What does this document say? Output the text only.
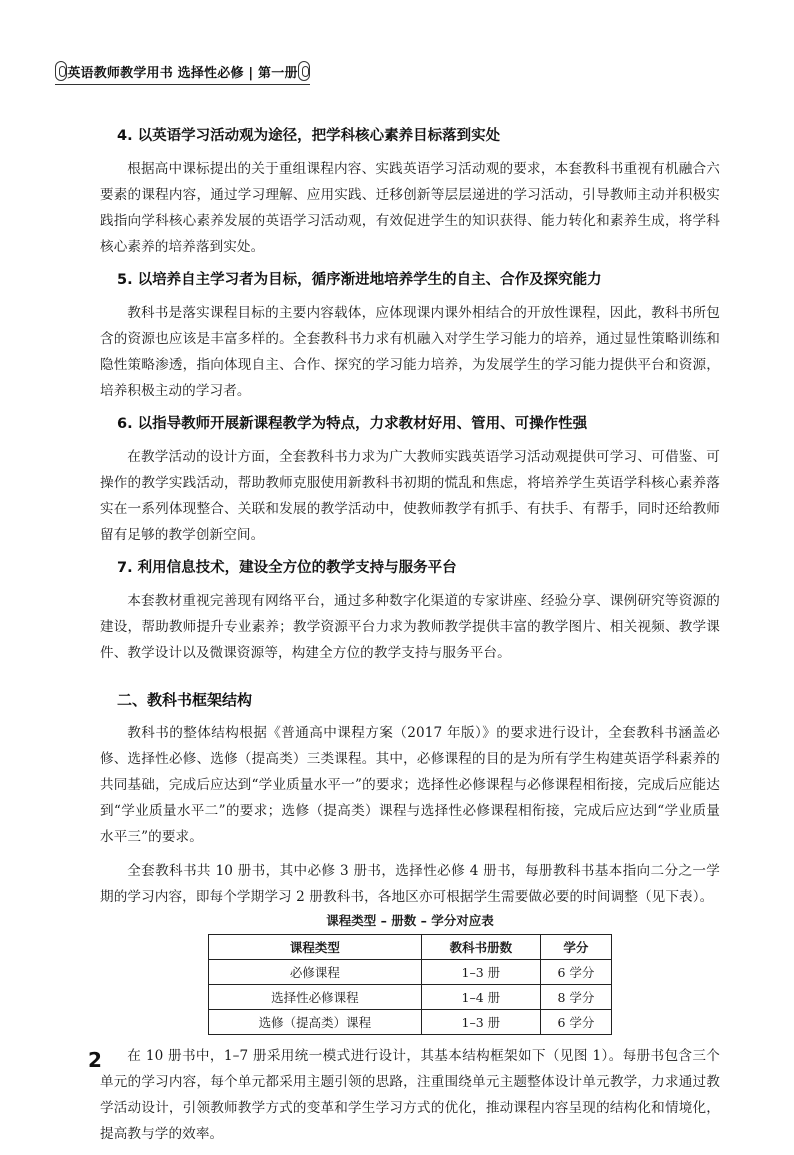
英语教师教学用书 选择性必修 | 第一册
4. 以英语学习活动观为途径，把学科核心素养目标落到实处

根据高中课标提出的关于重组课程内容、实践英语学习活动观的要求，本套教科书重视有机融合六要素的课程内容，通过学习理解、应用实践、迁移创新等层层递进的学习活动，引导教师主动并积极实践指向学科核心素养发展的英语学习活动观，有效促进学生的知识获得、能力转化和素养生成，将学科核心素养的培养落到实处。

5. 以培养自主学习者为目标，循序渐进地培养学生的自主、合作及探究能力

教科书是落实课程目标的主要内容载体，应体现课内课外相结合的开放性课程，因此，教科书所包含的资源也应该是丰富多样的。全套教科书力求有机融入对学生学习能力的培养，通过显性策略训练和隐性策略渗透，指向体现自主、合作、探究的学习能力培养，为发展学生的学习能力提供平台和资源，培养积极主动的学习者。

6. 以指导教师开展新课程教学为特点，力求教材好用、管用、可操作性强

在教学活动的设计方面，全套教科书力求为广大教师实践英语学习活动观提供可学习、可借鉴、可操作的教学实践活动，帮助教师克服使用新教科书初期的慌乱和焦虑，将培养学生英语学科核心素养落实在一系列体现整合、关联和发展的教学活动中，使教师教学有抓手、有扶手、有帮手，同时还给教师留有足够的教学创新空间。

7. 利用信息技术，建设全方位的教学支持与服务平台

本套教材重视完善现有网络平台，通过多种数字化渠道的专家讲座、经验分享、课例研究等资源的建设，帮助教师提升专业素养；教学资源平台力求为教师教学提供丰富的教学图片、相关视频、教学课件、教学设计以及微课资源等，构建全方位的教学支持与服务平台。

二、教科书框架结构

教科书的整体结构根据《普通高中课程方案（2017 年版）》的要求进行设计，全套教科书涵盖必修、选择性必修、选修（提高类）三类课程。其中，必修课程的目的是为所有学生构建英语学科素养的共同基础，完成后应达到“学业质量水平一”的要求；选择性必修课程与必修课程相衔接，完成后应能达到“学业质量水平二”的要求；选修（提高类）课程与选择性必修课程相衔接，完成后应达到“学业质量水平三”的要求。

全套教科书共 10 册书，其中必修 3 册书，选择性必修 4 册书，每册教科书基本指向二分之一学期的学习内容，即每个学期学习 2 册教科书，各地区亦可根据学生需要做必要的时间调整（见下表）。

课程类型 – 册数 – 学分对应表
课程类型	教科书册数	学分
必修课程	1–3 册	6 学分
选择性必修课程	1–4 册	8 学分
选修（提高类）课程	1–3 册	6 学分

在 10 册书中，1–7 册采用统一模式进行设计，其基本结构框架如下（见图 1）。每册书包含三个单元的学习内容，每个单元都采用主题引领的思路，注重围绕单元主题整体设计单元教学，力求通过教学活动设计，引领教师教学方式的变革和学生学习方式的优化，推动课程内容呈现的结构化和情境化，提高教与学的效率。

2
